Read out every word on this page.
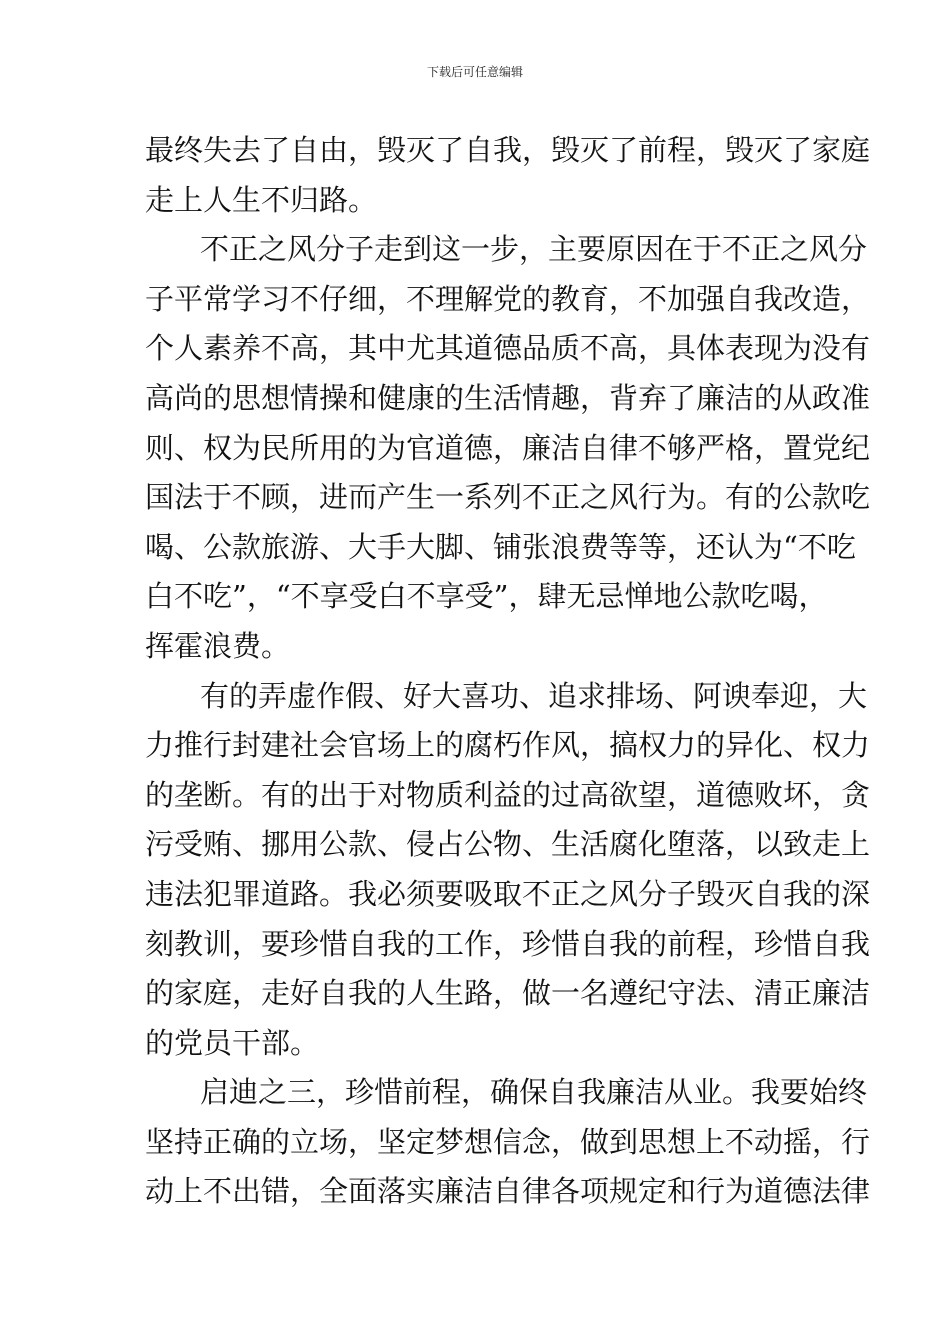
下载后可任意编辑
最终失去了自由，毁灭了自我，毁灭了前程，毁灭了家庭
走上人生不归路。
不正之风分子走到这一步，主要原因在于不正之风分
子平常学习不仔细，不理解党的教育，不加强自我改造，
个人素养不高，其中尤其道德品质不高，具体表现为没有
高尚的思想情操和健康的生活情趣，背弃了廉洁的从政准
则、权为民所用的为官道德，廉洁自律不够严格，置党纪
国法于不顾，进而产生一系列不正之风行为。有的公款吃
喝、公款旅游、大手大脚、铺张浪费等等，还认为“不吃
白不吃”，“不享受白不享受”，肆无忌惮地公款吃喝，
挥霍浪费。
有的弄虚作假、好大喜功、追求排场、阿谀奉迎，大
力推行封建社会官场上的腐朽作风，搞权力的异化、权力
的垄断。有的出于对物质利益的过高欲望，道德败坏，贪
污受贿、挪用公款、侵占公物、生活腐化堕落，以致走上
违法犯罪道路。我必须要吸取不正之风分子毁灭自我的深
刻教训，要珍惜自我的工作，珍惜自我的前程，珍惜自我
的家庭，走好自我的人生路，做一名遵纪守法、清正廉洁
的党员干部。
启迪之三，珍惜前程，确保自我廉洁从业。我要始终
坚持正确的立场，坚定梦想信念，做到思想上不动摇，行
动上不出错，全面落实廉洁自律各项规定和行为道德法律
